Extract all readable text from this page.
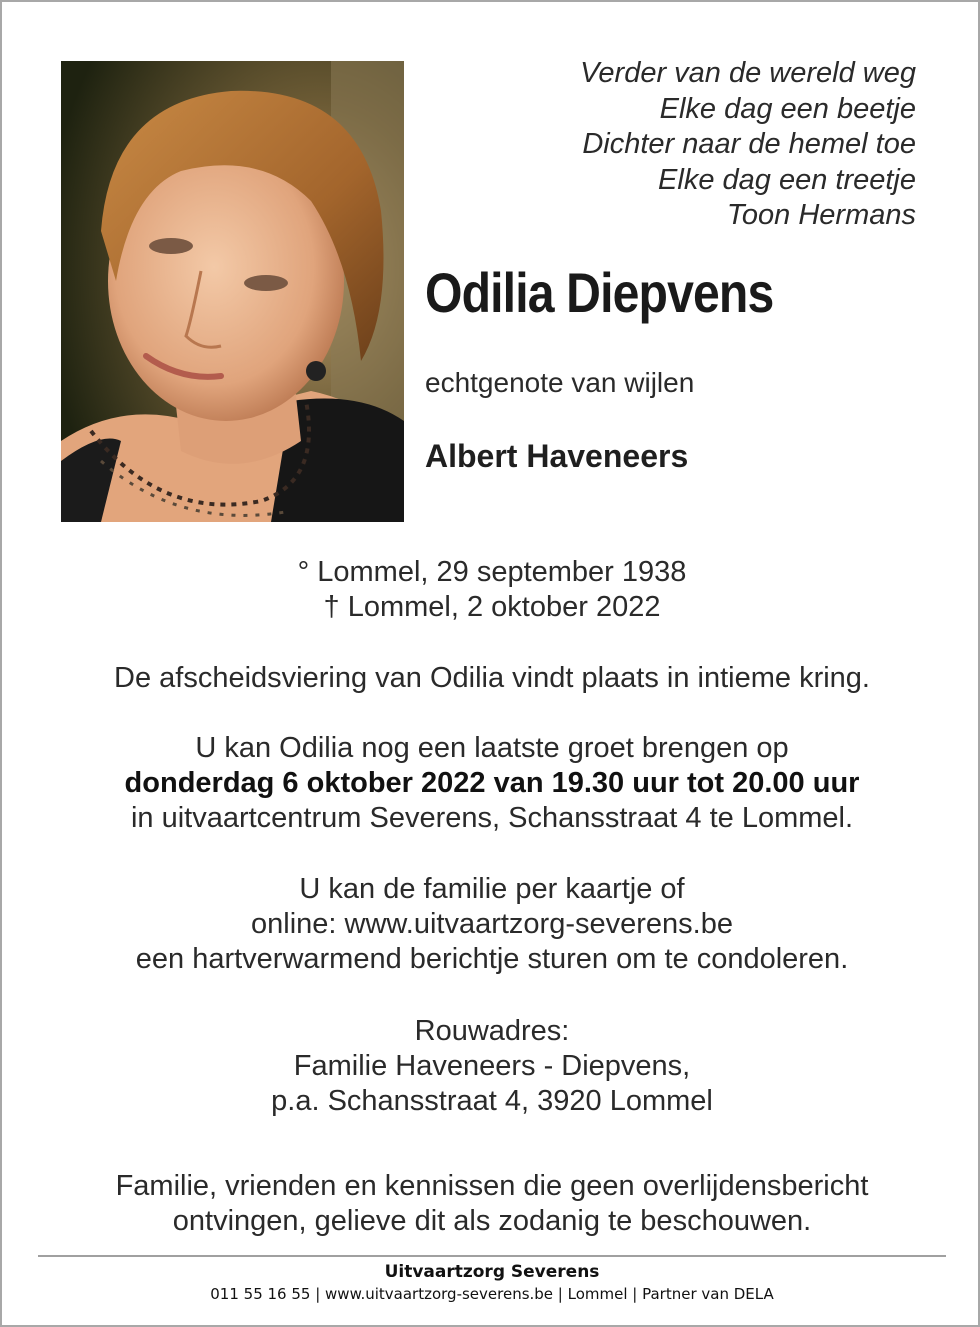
Verder van de wereld weg
Elke dag een beetje
Dichter naar de hemel toe
Elke dag een treetje
Toon Hermans
Odilia Diepvens
echtgenote van wijlen
Albert Haveneers
° Lommel, 29 september 1938
† Lommel, 2 oktober 2022
De afscheidsviering van Odilia vindt plaats in intieme kring.
U kan Odilia nog een laatste groet brengen op
donderdag 6 oktober 2022 van 19.30 uur tot 20.00 uur
in uitvaartcentrum Severens, Schansstraat 4 te Lommel.
U kan de familie per kaartje of
online: www.uitvaartzorg-severens.be
een hartverwarmend berichtje sturen om te condoleren.
Rouwadres:
Familie Haveneers - Diepvens,
p.a. Schansstraat 4, 3920 Lommel
Familie, vrienden en kennissen die geen overlijdensbericht
ontvingen, gelieve dit als zodanig te beschouwen.
Uitvaartzorg Severens
011 55 16 55 | www.uitvaartzorg-severens.be | Lommel | Partner van DELA
